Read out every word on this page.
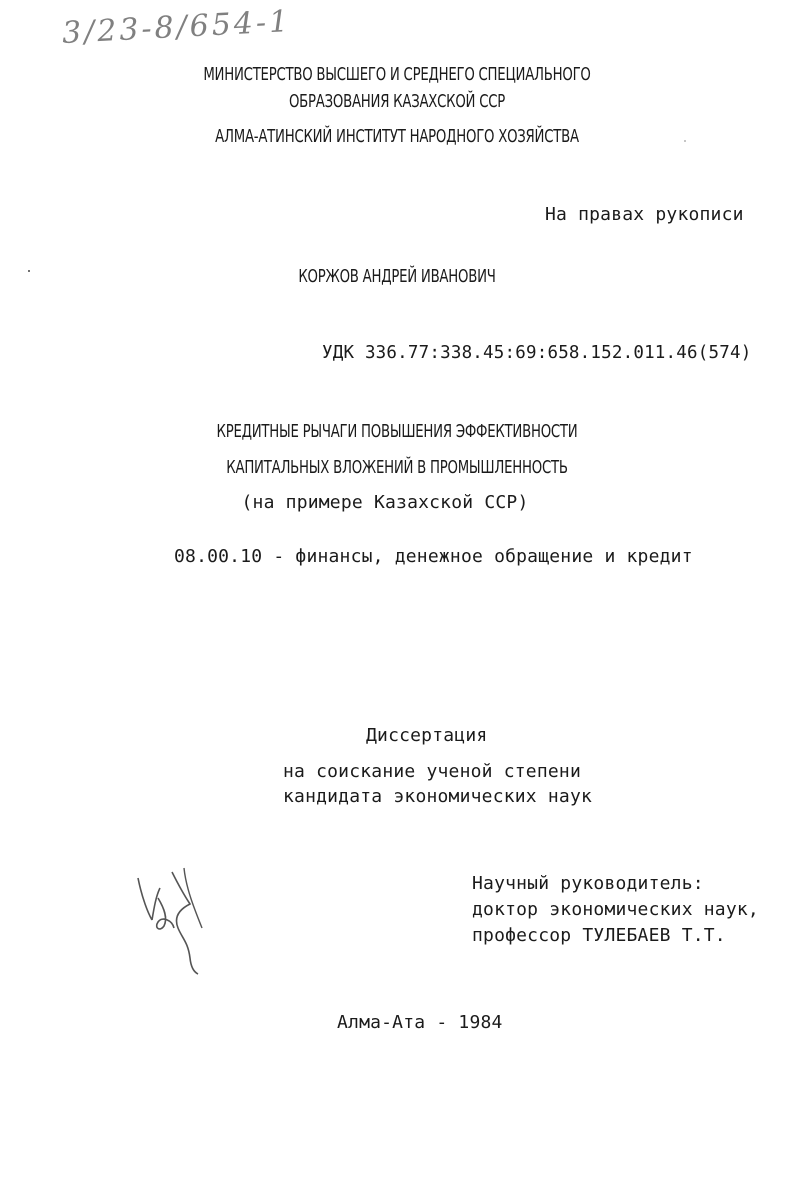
3/23-8/654-1
МИНИСТЕРСТВО ВЫСШЕГО И СРЕДНЕГО СПЕЦИАЛЬНОГО
ОБРАЗОВАНИЯ КАЗАХСКОЙ ССР
АЛМА-АТИНСКИЙ ИНСТИТУТ НАРОДНОГО ХОЗЯЙСТВА
На правах рукописи
КОРЖОВ АНДРЕЙ ИВАНОВИЧ
УДК 336.77:338.45:69:658.152.011.46(574)
КРЕДИТНЫЕ РЫЧАГИ ПОВЫШЕНИЯ ЭФФЕКТИВНОСТИ
КАПИТАЛЬНЫХ ВЛОЖЕНИЙ В ПРОМЫШЛЕННОСТЬ
(на примере Казахской ССР)
08.00.10 - финансы, денежное обращение и кредит
Диссертация
на соискание ученой степени
кандидата экономических наук
Научный руководитель:
доктор экономических наук,
профессор ТУЛЕБАЕВ Т.Т.
Алма-Ата - 1984
